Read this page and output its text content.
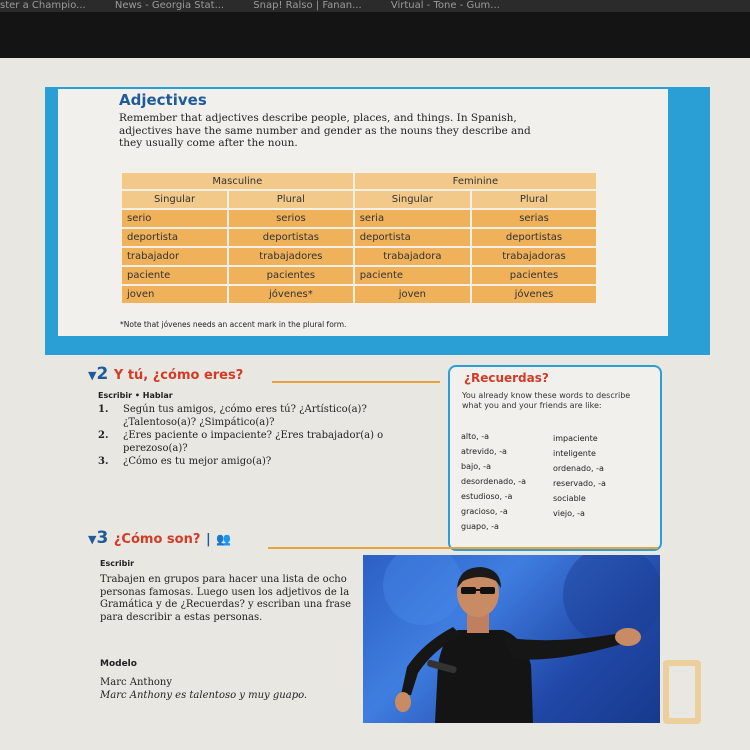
ster a Champio...	News - Georgia Stat...	Snap! Ralso | Fanan...	Virtual - Tone - Gum...
Adjectives
Remember that adjectives describe people, places, and things. In Spanish, adjectives have the same number and gender as the nouns they describe and they usually come after the noun.
Masculine		Feminine	
Singular	Plural	Singular	Plural
serio	serios	seria	serias
deportista	deportistas	deportista	deportistas
trabajador	trabajadores	trabajadora	trabajadoras
paciente	pacientes	paciente	pacientes
joven	jóvenes*	joven	jóvenes
*Note that jóvenes needs an accent mark in the plural form.
▼2 Y tú, ¿cómo eres?
Escribir • Hablar
1.	Según tus amigos, ¿cómo eres tú? ¿Artístico(a)? ¿Talentoso(a)? ¿Simpático(a)?
2.	¿Eres paciente o impaciente? ¿Eres trabajador(a) o perezoso(a)?
3.	¿Cómo es tu mejor amigo(a)?
¿Recuerdas?
You already know these words to describe what you and your friends are like:
alto, -a
atrevido, -a
bajo, -a
desordenado, -a
estudioso, -a
gracioso, -a
guapo, -a
impaciente
inteligente
ordenado, -a
reservado, -a
sociable
viejo, -a
▼3 ¿Cómo son? | 👥
Escribir
Trabajen en grupos para hacer una lista de ocho personas famosas. Luego usen los adjetivos de la Gramática y de ¿Recuerdas? y escriban una frase para describir a estas personas.
Modelo
Marc Anthony
Marc Anthony es talentoso y muy guapo.
